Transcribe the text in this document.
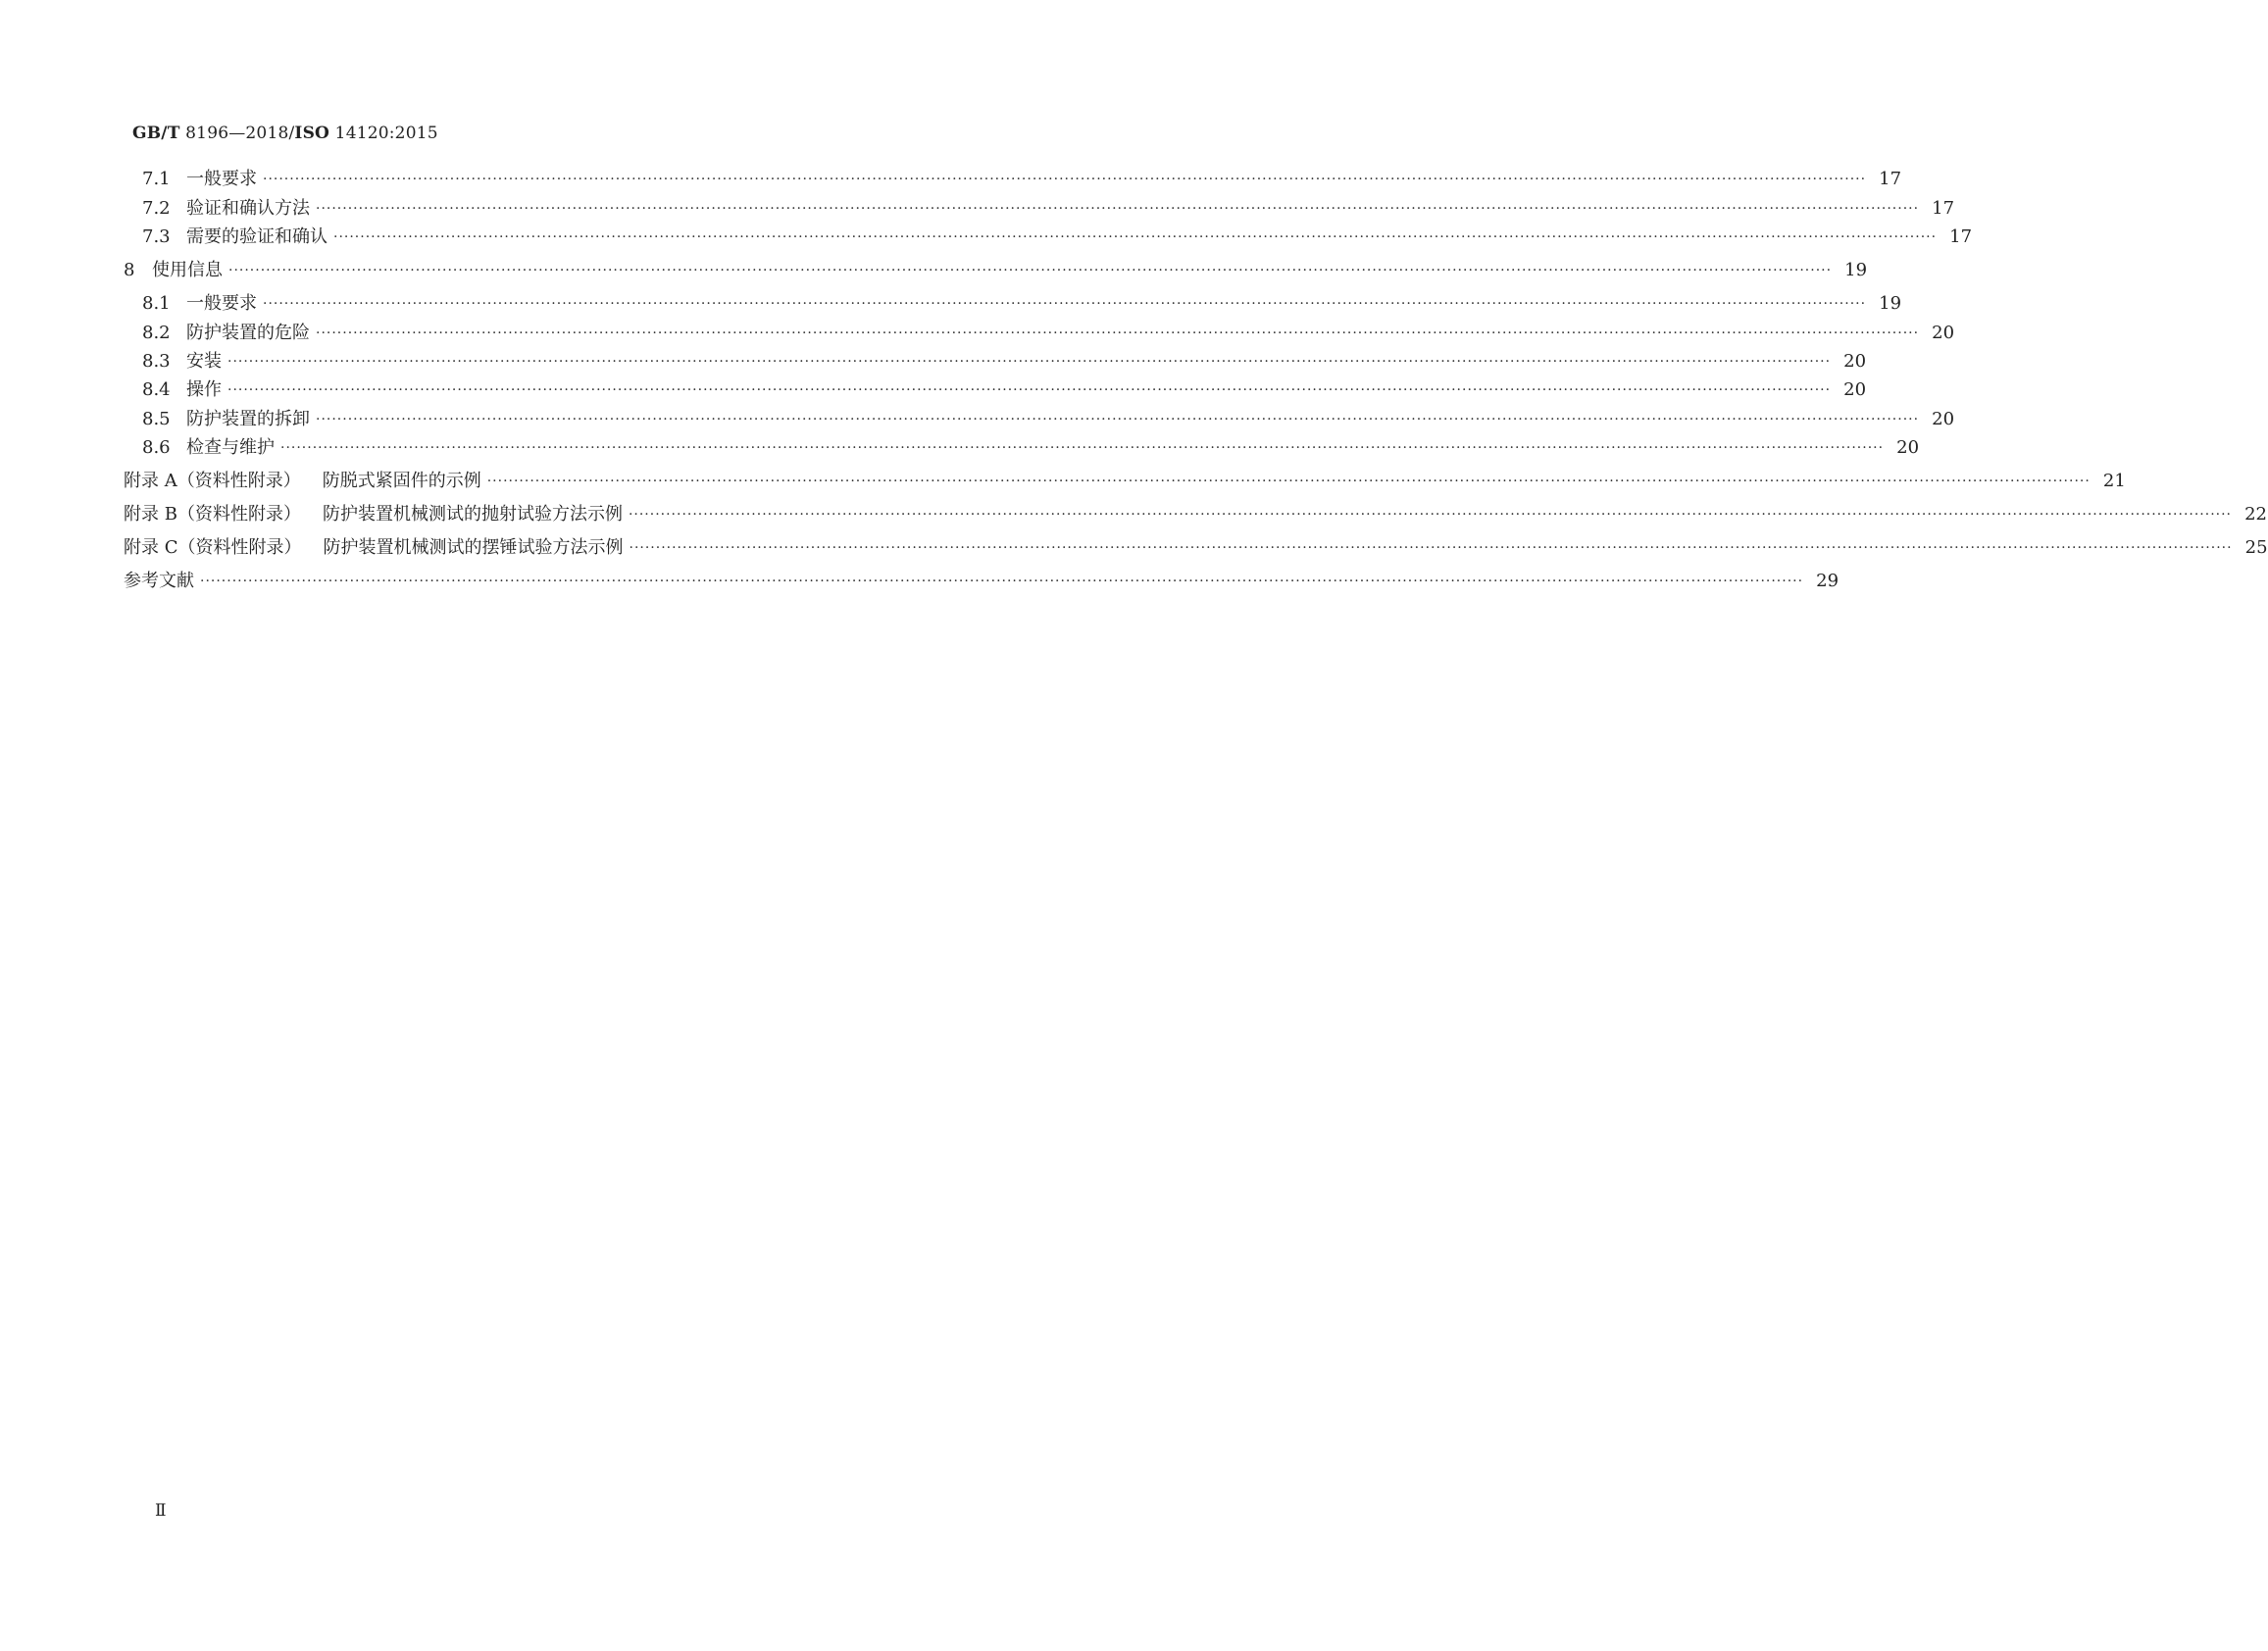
GB/T 8196—2018/ISO 14120:2015
7.1 一般要求 ············································································································································································································································································································ 17
7.2 验证和确认方法 ············································································································································································································································································································ 17
7.3 需要的验证和确认 ············································································································································································································································································································ 17
8 使用信息 ············································································································································································································································································································ 19
8.1 一般要求 ············································································································································································································································································································ 19
8.2 防护装置的危险 ············································································································································································································································································································ 20
8.3 安装 ············································································································································································································································································································ 20
8.4 操作 ············································································································································································································································································································ 20
8.5 防护装置的拆卸 ············································································································································································································································································································ 20
8.6 检查与维护 ············································································································································································································································································································ 20
附录 A（资料性附录） 防脱式紧固件的示例 ············································································································································································································································································································ 21
附录 B（资料性附录） 防护装置机械测试的抛射试验方法示例 ············································································································································································································································································································ 22
附录 C（资料性附录） 防护装置机械测试的摆锤试验方法示例 ············································································································································································································································································································ 25
参考文献 ············································································································································································································································································································ 29
Ⅱ
